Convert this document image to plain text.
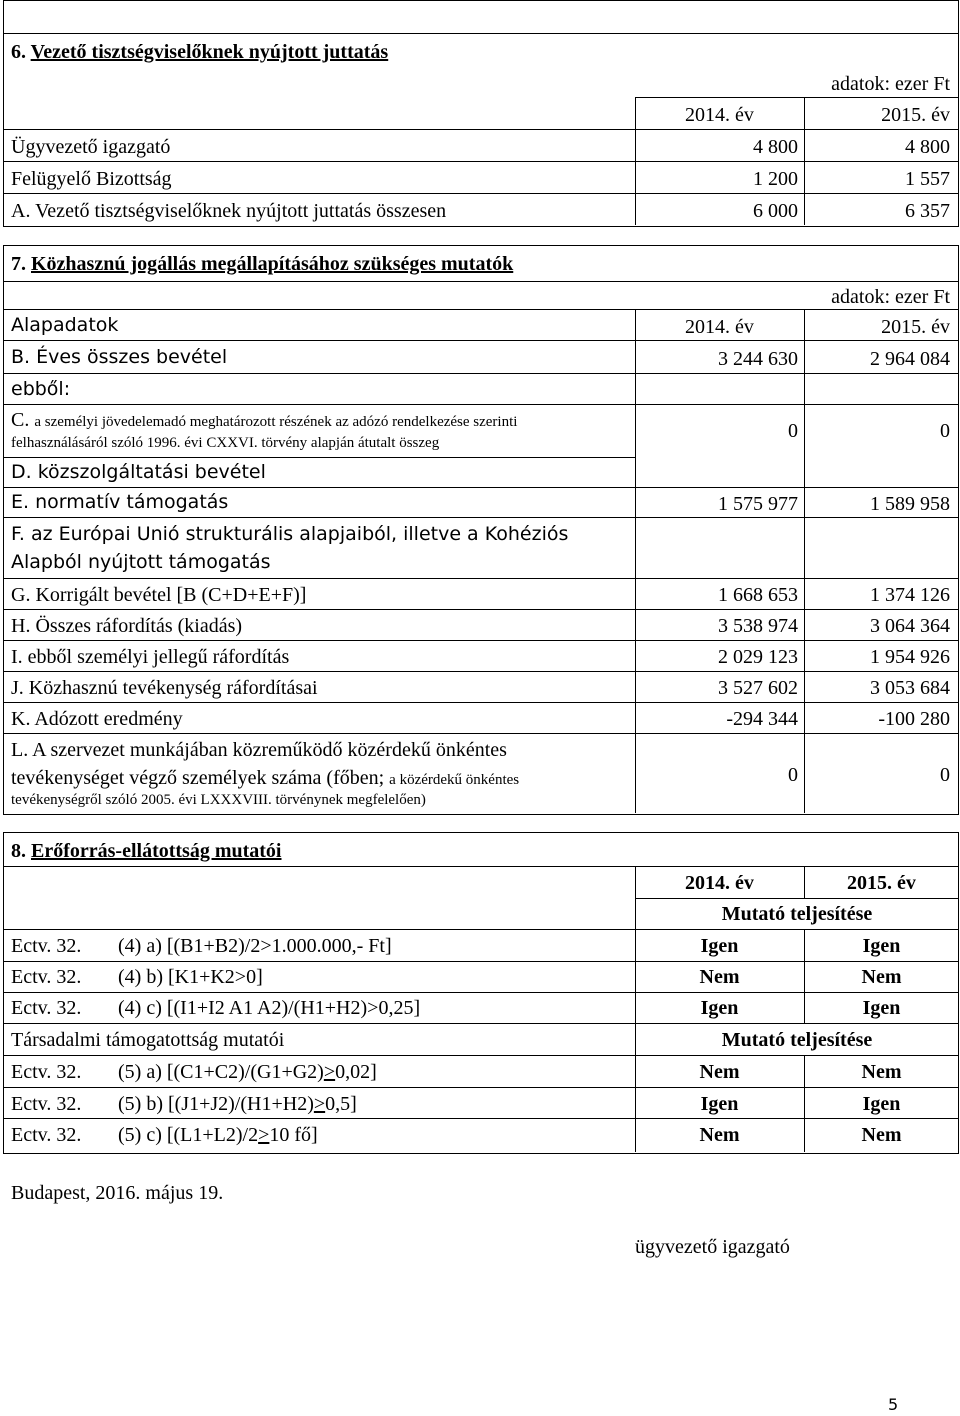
6. Vezető tisztségviselőknek nyújtott juttatás
adatok: ezer Ft
2014. év	2015. év
Ügyvezető igazgató	4 800	4 800
Felügyelő Bizottság	1 200	1 557
A. Vezető tisztségviselőknek nyújtott juttatás összesen	6 000	6 357
7. Közhasznú jogállás megállapításához szükséges mutatók
adatok: ezer Ft
Alapadatok	2014. év	2015. év
B. Éves összes bevétel	3 244 630	2 964 084
ebből:
C. a személyi jövedelemadó meghatározott részének az adózó rendelkezése szerinti
felhasználásáról szóló 1996. évi CXXVI. törvény alapján átutalt összeg
0	0
D. közszolgáltatási bevétel
E. normatív támogatás	1 575 977	1 589 958
F. az Európai Unió strukturális alapjaiból, illetve a Kohéziós
Alapból nyújtott támogatás
G. Korrigált bevétel [B (C+D+E+F)]	1 668 653	1 374 126
H. Összes ráfordítás (kiadás)	3 538 974	3 064 364
I. ebből személyi jellegű ráfordítás	2 029 123	1 954 926
J. Közhasznú tevékenység ráfordításai	3 527 602	3 053 684
K. Adózott eredmény	-294 344	-100 280
L. A szervezet munkájában közreműködő közérdekű önkéntes
tevékenységet végző személyek száma (főben; a közérdekű önkéntes
tevékenységről szóló 2005. évi LXXXVIII. törvénynek megfelelően)
0	0
8. Erőforrás-ellátottság mutatói
2014. év	2015. év
Mutató teljesítése
Ectv. 32. (4) a) [(B1+B2)/2>1.000.000,- Ft]	Igen	Igen
Ectv. 32. (4) b) [K1+K2>0]	Nem	Nem
Ectv. 32. (4) c) [(I1+I2 A1 A2)/(H1+H2)>0,25]	Igen	Igen
Társadalmi támogatottság mutatói	Mutató teljesítése
Ectv. 32. (5) a) [(C1+C2)/(G1+G2)≥0,02]	Nem	Nem
Ectv. 32. (5) b) [(J1+J2)/(H1+H2)≥0,5]	Igen	Igen
Ectv. 32. (5) c) [(L1+L2)/2≥10 fő]	Nem	Nem
Budapest, 2016. május 19.
ügyvezető igazgató
5
